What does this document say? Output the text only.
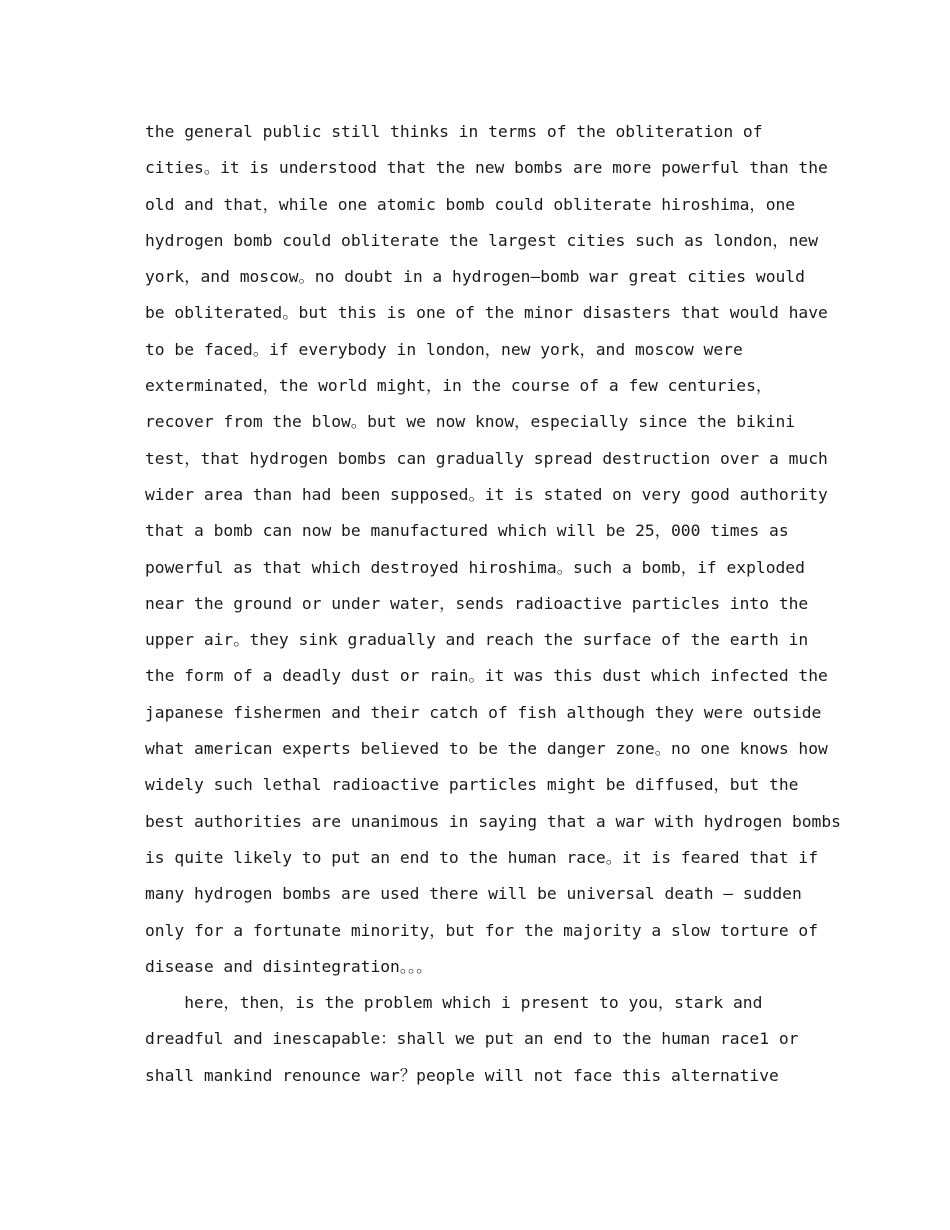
the general public still thinks in terms of the obliteration of
cities。it is understood that the new bombs are more powerful than the
old and that，while one atomic bomb could obliterate hiroshima，one
hydrogen bomb could obliterate the largest cities such as london，new
york，and moscow。no doubt in a hydrogen—bomb war great cities would
be obliterated。but this is one of the minor disasters that would have
to be faced。if everybody in london，new york，and moscow were
exterminated，the world might，in the course of a few centuries，
recover from the blow。but we now know，especially since the bikini
test，that hydrogen bombs can gradually spread destruction over a much
wider area than had been supposed。it is stated on very good authority
that a bomb can now be manufactured which will be 25，000 times as
powerful as that which destroyed hiroshima。such a bomb，if exploded
near the ground or under water，sends radioactive particles into the
upper air。they sink gradually and reach the surface of the earth in
the form of a deadly dust or rain。it was this dust which infected the
japanese fishermen and their catch of fish although they were outside
what american experts believed to be the danger zone。no one knows how
widely such lethal radioactive particles might be diffused，but the
best authorities are unanimous in saying that a war with hydrogen bombs
is quite likely to put an end to the human race。it is feared that if
many hydrogen bombs are used there will be universal death — sudden
only for a fortunate minority，but for the majority a slow torture of
disease and disintegration。。。
here，then，is the problem which i present to you，stark and
dreadful and inescapable：shall we put an end to the human race1 or
shall mankind renounce war？people will not face this alternative
